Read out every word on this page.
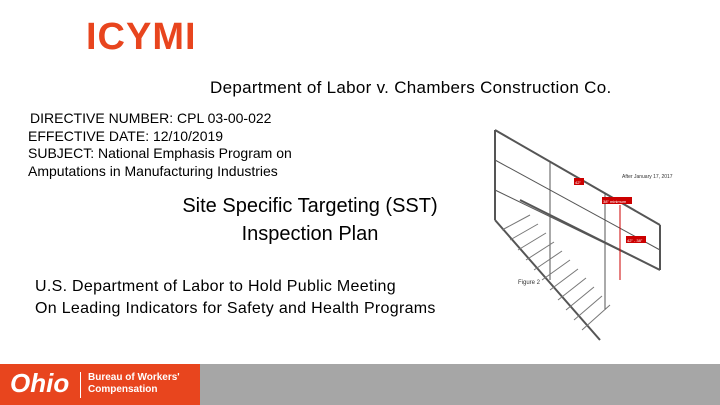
ICYMI
Department of Labor v. Chambers Construction Co.
DIRECTIVE NUMBER: CPL 03-00-022
EFFECTIVE DATE: 12/10/2019
SUBJECT: National Emphasis Program on
Amputations in Manufacturing Industries
Site Specific Targeting (SST)
Inspection Plan
U.S. Department of Labor to Hold Public Meeting
On Leading Indicators for Safety and Health Programs
After January 17, 2017
42"
38" minimum
42" - 38"
Figure 2
Ohio Bureau of Workers'
Compensation
